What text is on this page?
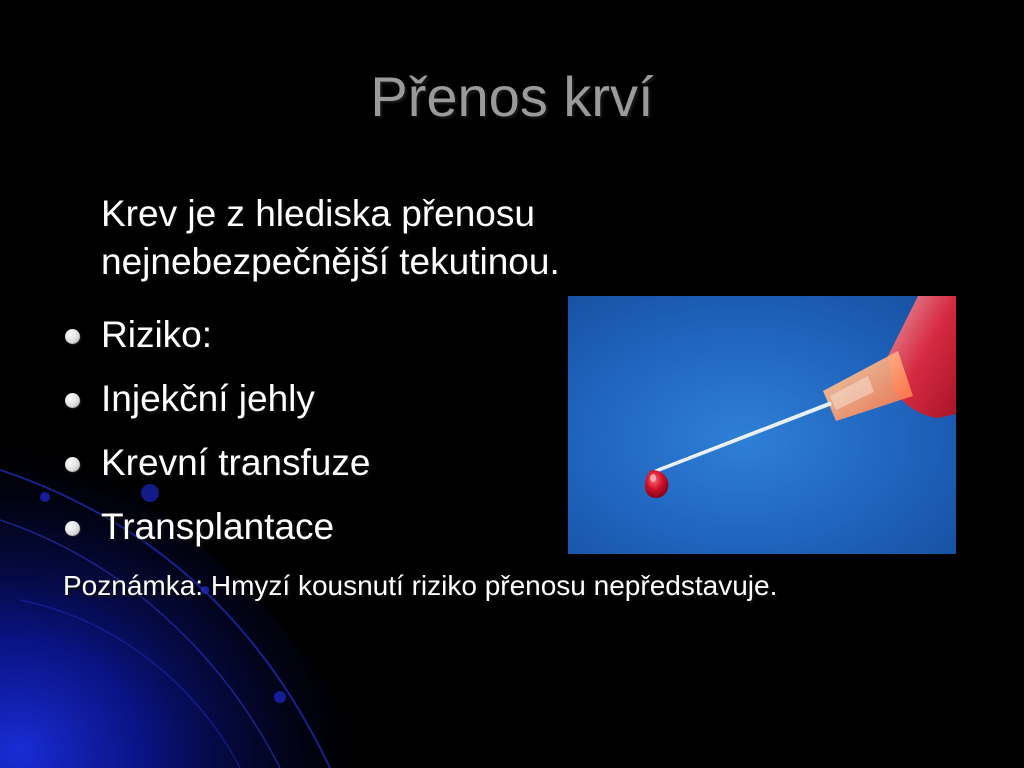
Přenos krví
Krev je z hlediska přenosu nejnebezpečnější tekutinou.
Riziko:
Injekční jehly
Krevní transfuze
Transplantace
Poznámka: Hmyzí kousnutí riziko přenosu nepředstavuje.
